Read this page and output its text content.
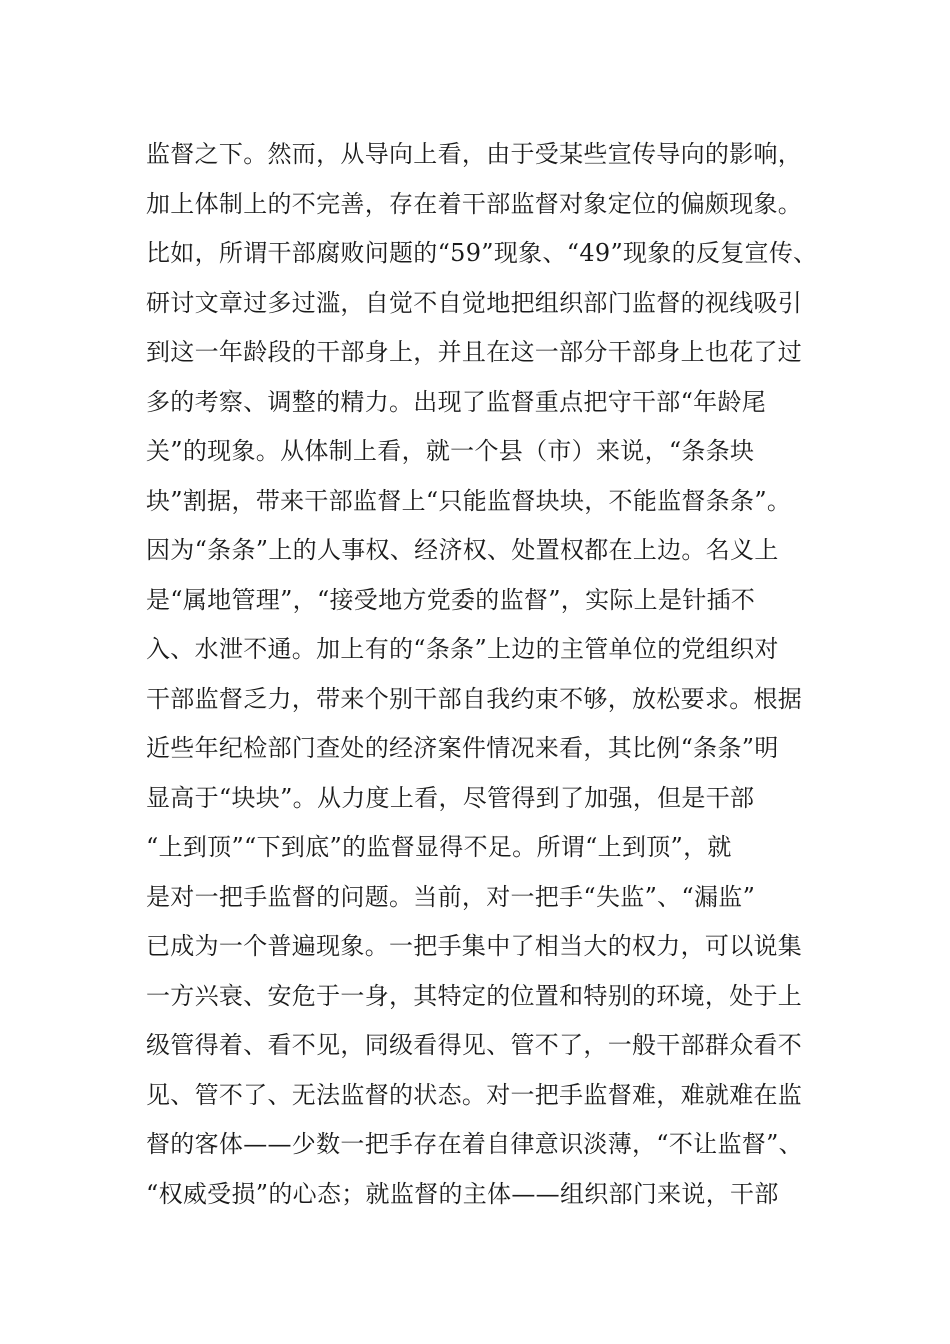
监督之下。然而，从导向上看，由于受某些宣传导向的影响，
加上体制上的不完善，存在着干部监督对象定位的偏颇现象。
比如，所谓干部腐败问题的“59”现象、“49”现象的反复宣传、
研讨文章过多过滥，自觉不自觉地把组织部门监督的视线吸引
到这一年龄段的干部身上，并且在这一部分干部身上也花了过
多的考察、调整的精力。出现了监督重点把守干部“年龄尾
关”的现象。从体制上看，就一个县（市）来说，“条条块
块”割据，带来干部监督上“只能监督块块，不能监督条条”。
因为“条条”上的人事权、经济权、处置权都在上边。名义上
是“属地管理”，“接受地方党委的监督”，实际上是针插不
入、水泄不通。加上有的“条条”上边的主管单位的党组织对
干部监督乏力，带来个别干部自我约束不够，放松要求。根据
近些年纪检部门查处的经济案件情况来看，其比例“条条”明
显高于“块块”。从力度上看，尽管得到了加强，但是干部
“上到顶”“下到底”的监督显得不足。所谓“上到顶”，就
是对一把手监督的问题。当前，对一把手“失监”、“漏监”
已成为一个普遍现象。一把手集中了相当大的权力，可以说集
一方兴衰、安危于一身，其特定的位置和特别的环境，处于上
级管得着、看不见，同级看得见、管不了，一般干部群众看不
见、管不了、无法监督的状态。对一把手监督难，难就难在监
督的客体——少数一把手存在着自律意识淡薄，“不让监督”、
“权威受损”的心态；就监督的主体——组织部门来说，干部
